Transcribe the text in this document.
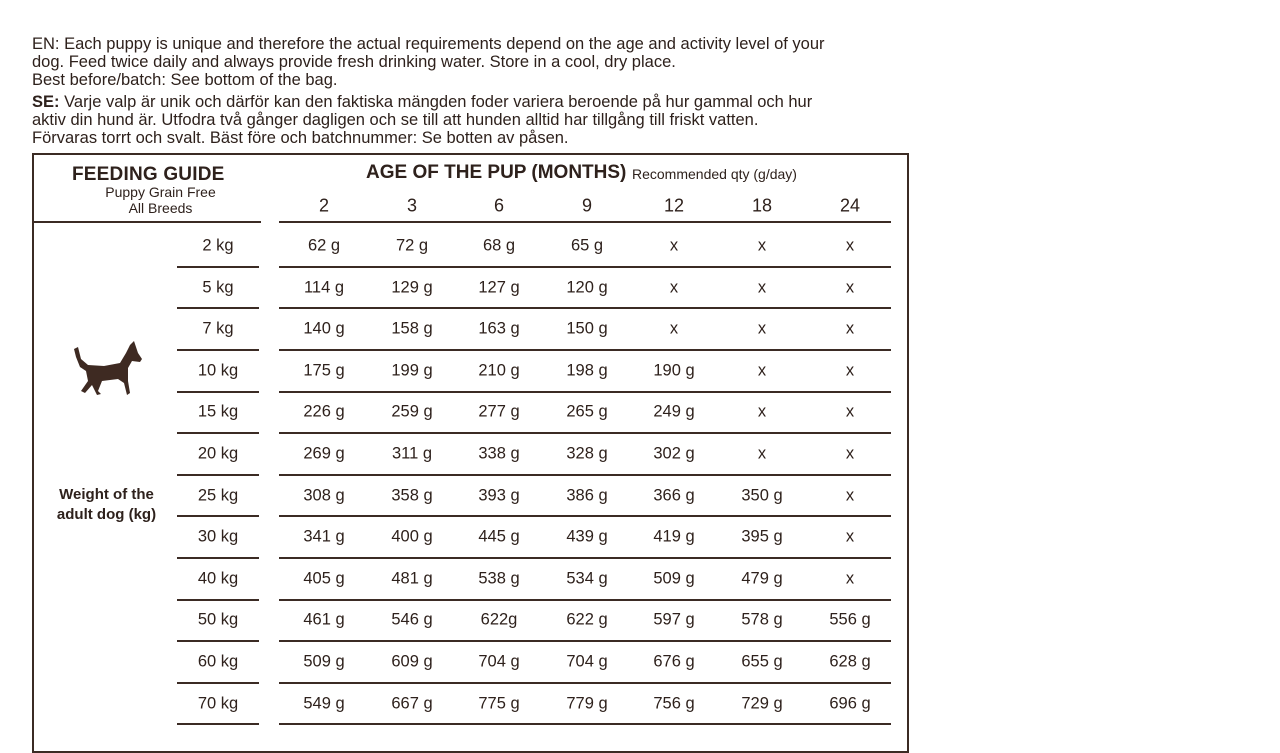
EN: Each puppy is unique and therefore the actual requirements depend on the age and activity level of your
dog. Feed twice daily and always provide fresh drinking water. Store in a cool, dry place.
Best before/batch: See bottom of the bag.

SE: Varje valp är unik och därför kan den faktiska mängden foder variera beroende på hur gammal och hur
aktiv din hund är. Utfodra två gånger dagligen och se till att hunden alltid har tillgång till friskt vatten.
Förvaras torrt och svalt. Bäst före och batchnummer: Se botten av påsen.

FEEDING GUIDE
Puppy Grain Free
All Breeds
AGE OF THE PUP (MONTHS) Recommended qty (g/day)
Weight of the
adult dog (kg)
2	3	6	9	12	18	24
2 kg	62 g	72 g	68 g	65 g	x	x	x
5 kg	114 g	129 g	127 g	120 g	x	x	x
7 kg	140 g	158 g	163 g	150 g	x	x	x
10 kg	175 g	199 g	210 g	198 g	190 g	x	x
15 kg	226 g	259 g	277 g	265 g	249 g	x	x
20 kg	269 g	311 g	338 g	328 g	302 g	x	x
25 kg	308 g	358 g	393 g	386 g	366 g	350 g	x
30 kg	341 g	400 g	445 g	439 g	419 g	395 g	x
40 kg	405 g	481 g	538 g	534 g	509 g	479 g	x
50 kg	461 g	546 g	622g	622 g	597 g	578 g	556 g
60 kg	509 g	609 g	704 g	704 g	676 g	655 g	628 g
70 kg	549 g	667 g	775 g	779 g	756 g	729 g	696 g
